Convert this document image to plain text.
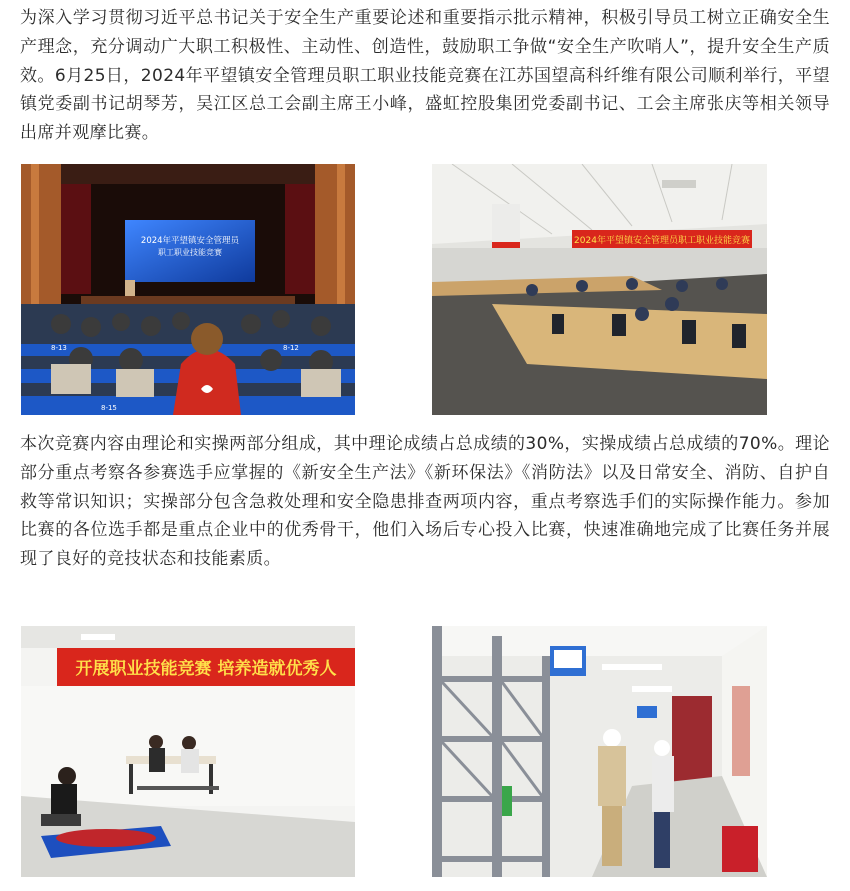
为深入学习贯彻习近平总书记关于安全生产重要论述和重要指示批示精神，积极引导员工树立正确安全生产理念，充分调动广大职工积极性、主动性、创造性，鼓励职工争做“安全生产吹哨人”，提升安全生产质效。6月25日，2024年平望镇安全管理员职工职业技能竞赛在江苏国望高科纤维有限公司顺利举行，平望镇党委副书记胡琴芳，吴江区总工会副主席王小峰，盛虹控股集团党委副书记、工会主席张庆等相关领导出席并观摩比赛。

2024年平望镇安全管理员
职工职业技能竞赛
8-13	8-12
8-15
2024年平望镇安全管理员职工职业技能竞赛

本次竞赛内容由理论和实操两部分组成，其中理论成绩占总成绩的30%，实操成绩占总成绩的70%。理论部分重点考察各参赛选手应掌握的《新安全生产法》《新环保法》《消防法》以及日常安全、消防、自护自救等常识知识；实操部分包含急救处理和安全隐患排查两项内容，重点考察选手们的实际操作能力。参加比赛的各位选手都是重点企业中的优秀骨干，他们入场后专心投入比赛，快速准确地完成了比赛任务并展现了良好的竞技状态和技能素质。

开展职业技能竞赛 培养造就优秀人
